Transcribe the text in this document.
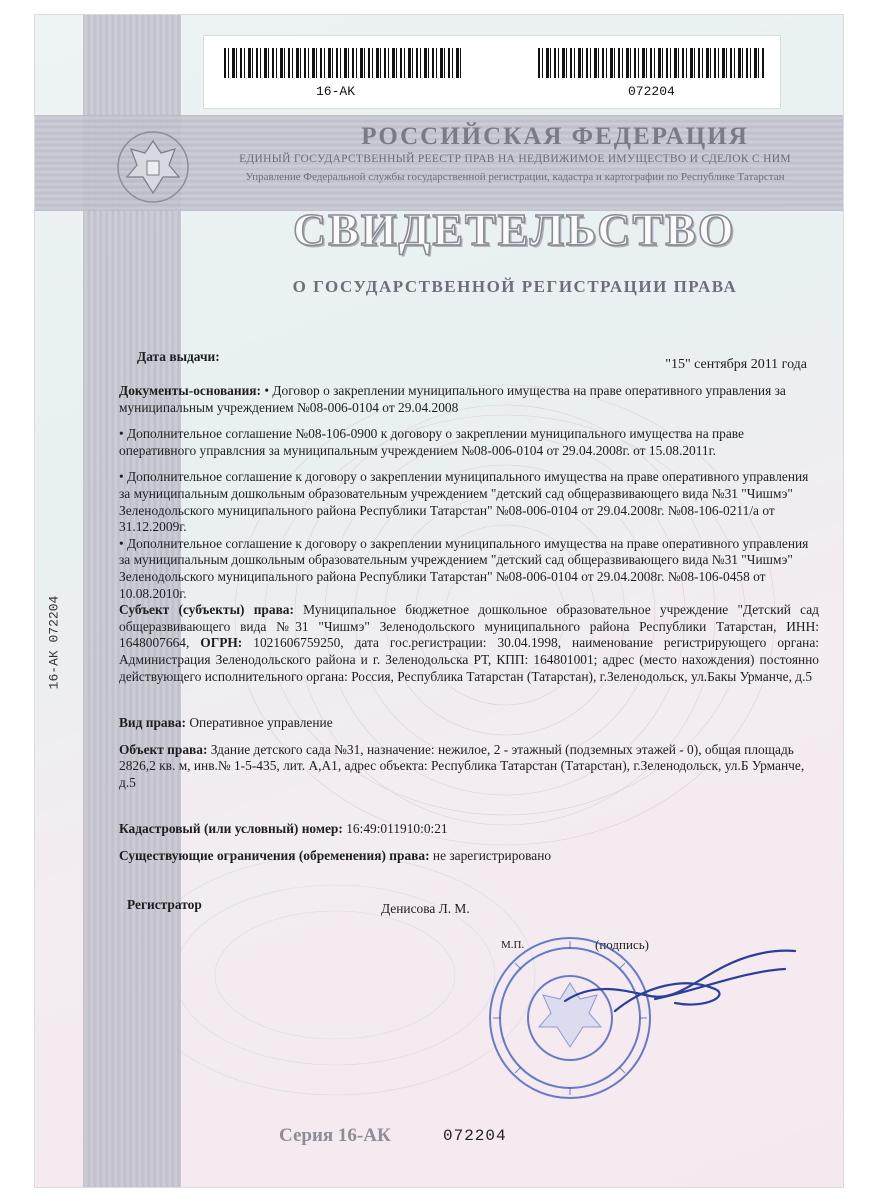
16-AK	072204
РОССИЙСКАЯ ФЕДЕРАЦИЯ
ЕДИНЫЙ ГОСУДАРСТВЕННЫЙ РЕЕСТР ПРАВ НА НЕДВИЖИМОЕ ИМУЩЕСТВО И СДЕЛОК С НИМ
Управление Федеральной службы государственной регистрации, кадастра и картографии по Республике Татарстан
СВИДЕТЕЛЬСТВО
О ГОСУДАРСТВЕННОЙ РЕГИСТРАЦИИ ПРАВА
16-АК 072204
Дата выдачи:
"15" сентября 2011 года

Документы-основания: • Договор о закреплении муниципального имущества на праве оперативного управления за муниципальным учреждением №08-006-0104 от 29.04.2008

• Дополнительное соглашение №08-106-0900 к договору о закреплении муниципального имущества на праве оперативного управлсния за муниципальным учреждением №08-006-0104 от 29.04.2008г. от 15.08.2011г.

• Дополнительное соглашение к договору о закреплении муниципального имущества на праве оперативного управления за муниципальным дошкольным образовательным учреждением "детский сад общеразвивающего вида №31 "Чишмэ" Зеленодольского муниципального района Республики Татарстан" №08-006-0104 от 29.04.2008г. №08-106-0211/а от 31.12.2009г.

• Дополнительное соглашение к договору о закреплении муниципального имущества на праве оперативного управления за муниципальным дошкольным образовательным учреждением "детский сад общеразвивающего вида №31 "Чишмэ" Зеленодольского муниципального района Республики Татарстан" №08-006-0104 от 29.04.2008г. №08-106-0458 от 10.08.2010г.

Субъект (субъекты) права: Муниципальное бюджетное дошкольное образовательное учреждение "Детский сад общеразвивающего вида №31 "Чишмэ" Зеленодольского муниципального района Республики Татарстан, ИНН: 1648007664, ОГРН: 1021606759250, дата гос.регистрации: 30.04.1998, наименование регистрирующего органа: Администрация Зеленодольского района и г. Зеленодольска РТ, КПП: 164801001; адрес (место нахождения) постоянно действующего исполнительного органа: Россия, Республика Татарстан (Татарстан), г.Зеленодольск, ул.Бакы Урманче, д.5

Вид права: Оперативное управление

Объект права: Здание детского сада №31, назначение: нежилое, 2 - этажный (подземных этажей - 0), общая площадь 2826,2 кв. м, инв.№ 1-5-435, лит. А,А1, адрес объекта: Республика Татарстан (Татарстан), г.Зеленодольск, ул.Б Урманче, д.5

Кадастровый (или условный) номер: 16:49:011910:0:21

Существующие ограничения (обременения) права: не зарегистрировано

Регистратор	Денисова Л. М.
М.П.	(подпись)
Серия 16-АК	072204
